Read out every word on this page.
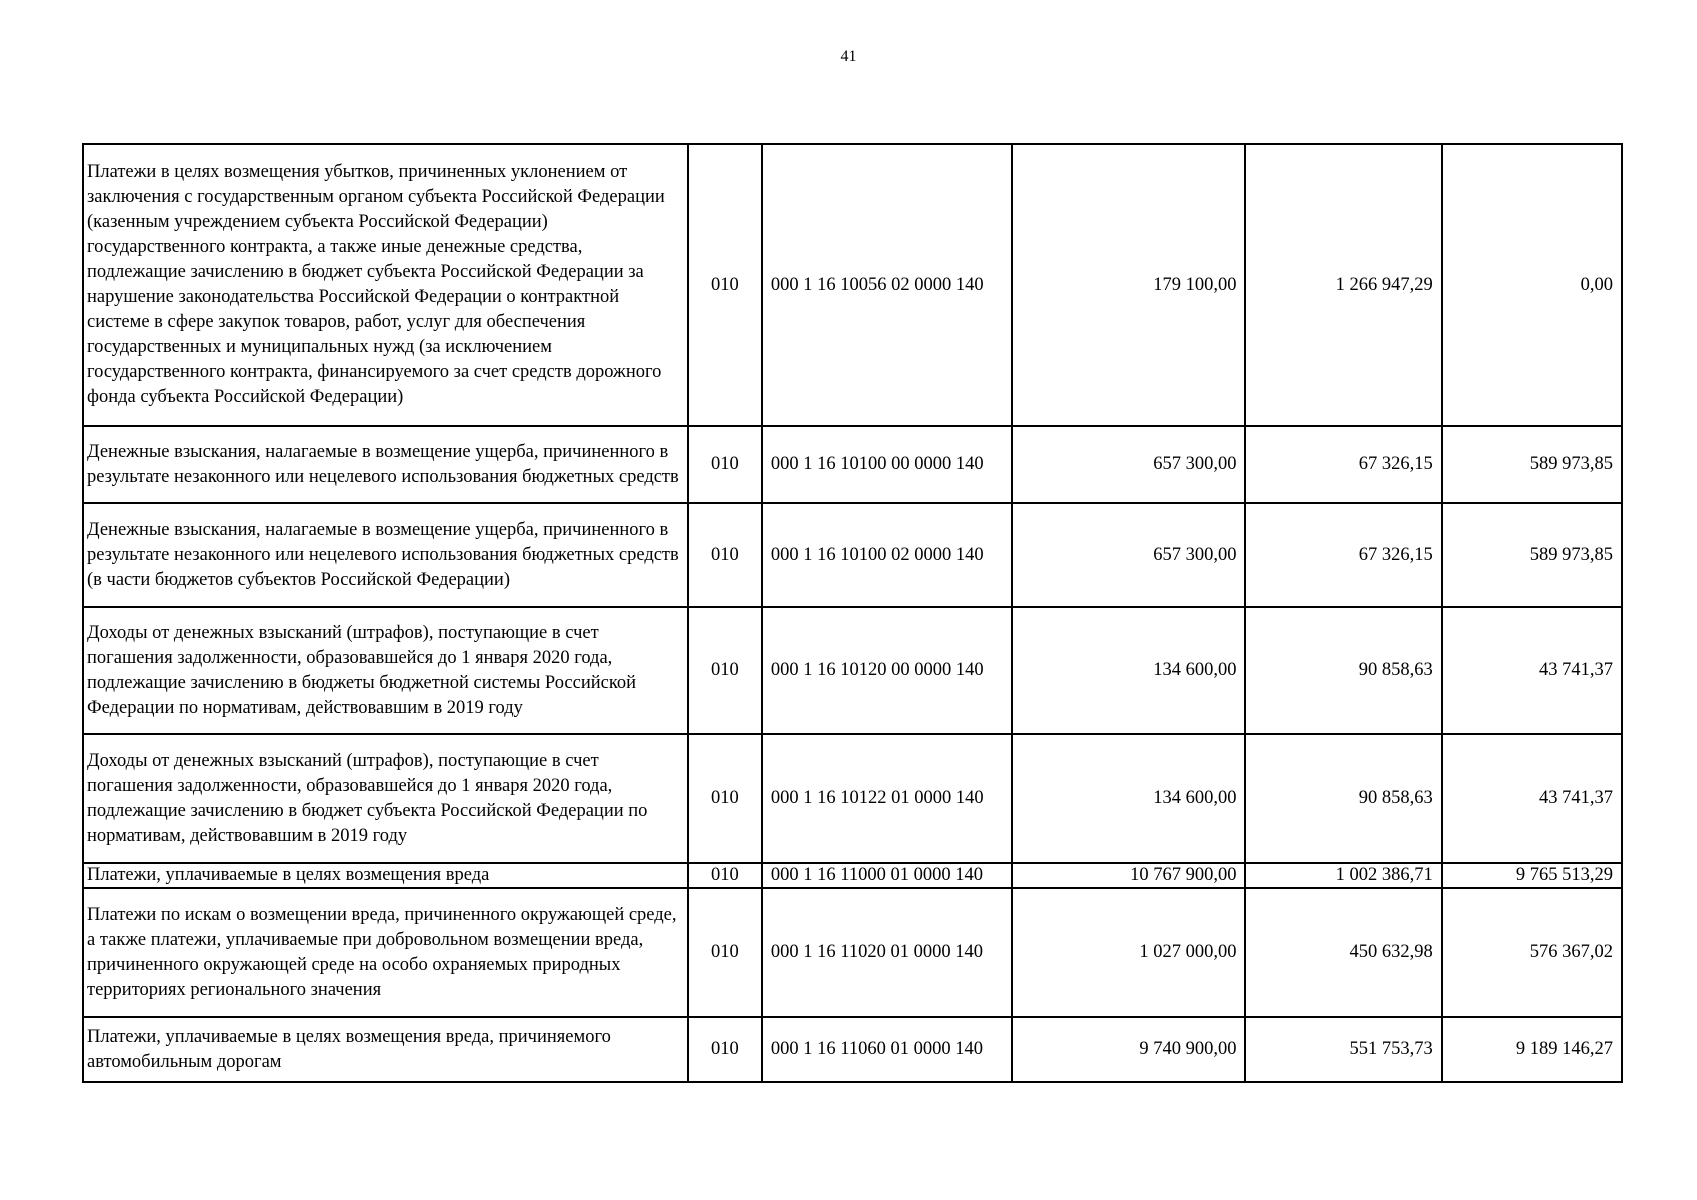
41
Платежи в целях возмещения убытков, причиненных уклонением от заключения с государственным органом субъекта Российской Федерации (казенным учреждением субъекта Российской Федерации) государственного контракта, а также иные денежные средства, подлежащие зачислению в бюджет субъекта Российской Федерации за нарушение законодательства Российской Федерации о контрактной системе в сфере закупок товаров, работ, услуг для обеспечения государственных и муниципальных нужд (за исключением государственного контракта, финансируемого за счет средств дорожного фонда субъекта Российской Федерации)	010	000 1 16 10056 02 0000 140	179 100,00	1 266 947,29	0,00
Денежные взыскания, налагаемые в возмещение ущерба, причиненного в результате незаконного или нецелевого использования бюджетных средств	010	000 1 16 10100 00 0000 140	657 300,00	67 326,15	589 973,85
Денежные взыскания, налагаемые в возмещение ущерба, причиненного в результате незаконного или нецелевого использования бюджетных средств (в части бюджетов субъектов Российской Федерации)	010	000 1 16 10100 02 0000 140	657 300,00	67 326,15	589 973,85
Доходы от денежных взысканий (штрафов), поступающие в счет погашения задолженности, образовавшейся до 1 января 2020 года, подлежащие зачислению в бюджеты бюджетной системы Российской Федерации по нормативам, действовавшим в 2019 году	010	000 1 16 10120 00 0000 140	134 600,00	90 858,63	43 741,37
Доходы от денежных взысканий (штрафов), поступающие в счет погашения задолженности, образовавшейся до 1 января 2020 года, подлежащие зачислению в бюджет субъекта Российской Федерации по нормативам, действовавшим в 2019 году	010	000 1 16 10122 01 0000 140	134 600,00	90 858,63	43 741,37
Платежи, уплачиваемые в целях возмещения вреда	010	000 1 16 11000 01 0000 140	10 767 900,00	1 002 386,71	9 765 513,29
Платежи по искам о возмещении вреда, причиненного окружающей среде, а также платежи, уплачиваемые при добровольном возмещении вреда, причиненного окружающей среде на особо охраняемых природных территориях регионального значения	010	000 1 16 11020 01 0000 140	1 027 000,00	450 632,98	576 367,02
Платежи, уплачиваемые в целях возмещения вреда, причиняемого автомобильным дорогам	010	000 1 16 11060 01 0000 140	9 740 900,00	551 753,73	9 189 146,27
